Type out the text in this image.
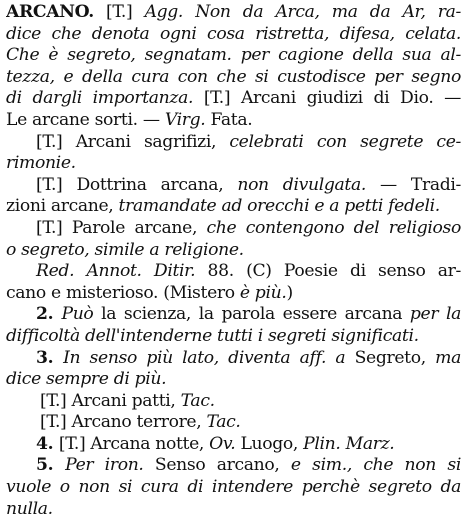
ARCANO. [T.] Agg. Non da Arca, ma da Ar, ra-
dice che denota ogni cosa ristretta, difesa, celata.
Che è segreto, segnatam. per cagione della sua al-
tezza, e della cura con che si custodisce per segno
di dargli importanza. [T.] Arcani giudizi di Dio. —
Le arcane sorti. — Virg. Fata.
[T.] Arcani sagrifizi, celebrati con segrete ce-
rimonie.
[T.] Dottrina arcana, non divulgata. — Tradi-
zioni arcane, tramandate ad orecchi e a petti fedeli.
[T.] Parole arcane, che contengono del religioso
o segreto, simile a religione.
Red. Annot. Ditir. 88. (C) Poesie di senso ar-
cano e misterioso. (Mistero è più.)
2. Può la scienza, la parola essere arcana per la
difficoltà dell'intenderne tutti i segreti significati.
3. In senso più lato, diventa aff. a Segreto, ma
dice sempre di più.
[T.] Arcani patti, Tac.
[T.] Arcano terrore, Tac.
4. [T.] Arcana notte, Ov. Luogo, Plin. Marz.
5. Per iron. Senso arcano, e sim., che non si
vuole o non si cura di intendere perchè segreto da
nulla.
